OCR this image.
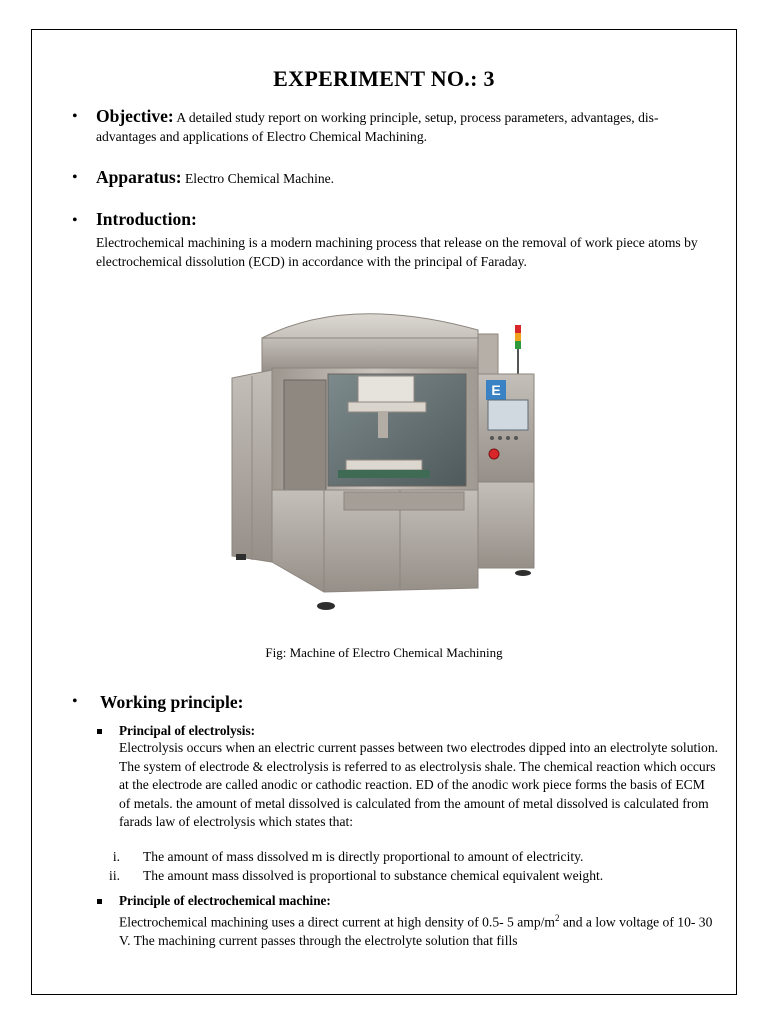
EXPERIMENT NO.: 3
• Objective: A detailed study report on working principle, setup, process parameters, advantages, dis-advantages and applications of Electro Chemical Machining.
• Apparatus: Electro Chemical Machine.
• Introduction:
Electrochemical machining is a modern machining process that release on the removal of work piece atoms by electrochemical dissolution (ECD) in accordance with the principal of Faraday.
E
Fig: Machine of Electro Chemical Machining
• Working principle:
Principal of electrolysis:
Electrolysis occurs when an electric current passes between two electrodes dipped into an electrolyte solution. The system of electrode & electrolysis is referred to as electrolysis shale. The chemical reaction which occurs at the electrode are called anodic or cathodic reaction. ED of the anodic work piece forms the basis of ECM of metals. the amount of metal dissolved is calculated from the amount of metal dissolved is calculated from farads law of electrolysis which states that:
i. The amount of mass dissolved m is directly proportional to amount of electricity.
ii. The amount mass dissolved is proportional to substance chemical equivalent weight.
Principle of electrochemical machine:
Electrochemical machining uses a direct current at high density of 0.5- 5 amp/$m^2$ and a low voltage of 10- 30 V. The machining current passes through the electrolyte solution that fills
